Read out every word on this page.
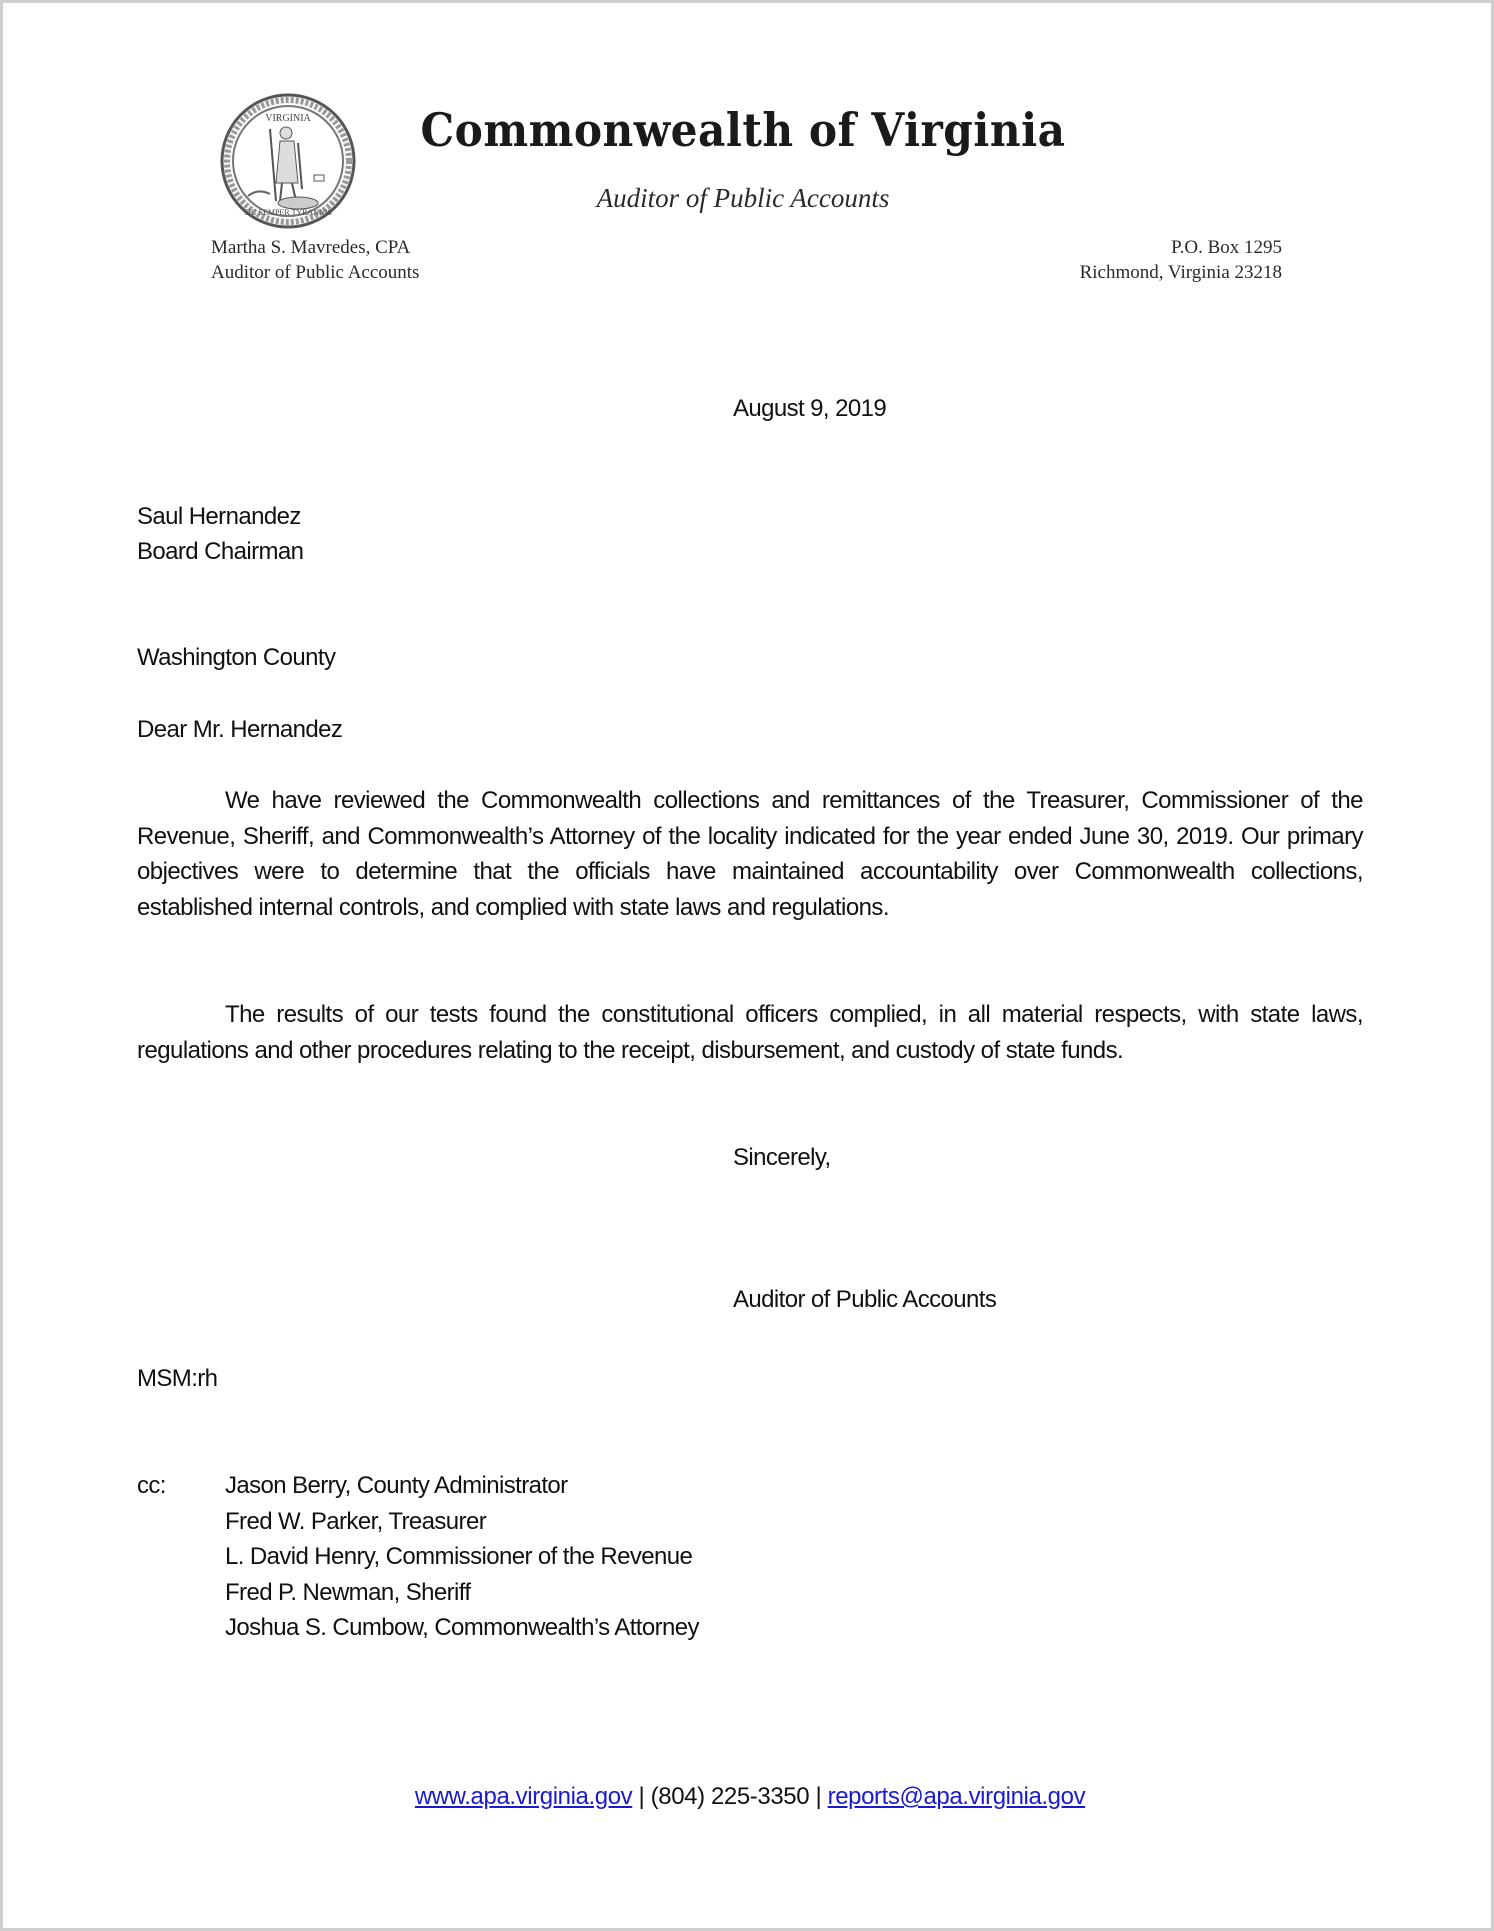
VIRGINIA
SIC SEMPER TYRANNIS
Commonwealth of Virginia
Auditor of Public Accounts
Martha S. Mavredes, CPA
Auditor of Public Accounts
P.O. Box 1295
Richmond, Virginia 23218
August 9, 2019
Saul Hernandez
Board Chairman
Washington County
Dear Mr. Hernandez
We have reviewed the Commonwealth collections and remittances of the Treasurer, Commissioner of the Revenue, Sheriff, and Commonwealth’s Attorney of the locality indicated for the year ended June 30, 2019. Our primary objectives were to determine that the officials have maintained accountability over Commonwealth collections, established internal controls, and complied with state laws and regulations.
The results of our tests found the constitutional officers complied, in all material respects, with state laws, regulations and other procedures relating to the receipt, disbursement, and custody of state funds.
Sincerely,
Auditor of Public Accounts
MSM:rh
cc: Jason Berry, County Administrator
Fred W. Parker, Treasurer
L. David Henry, Commissioner of the Revenue
Fred P. Newman, Sheriff
Joshua S. Cumbow, Commonwealth’s Attorney
www.apa.virginia.gov | (804) 225-3350 | reports@apa.virginia.gov
